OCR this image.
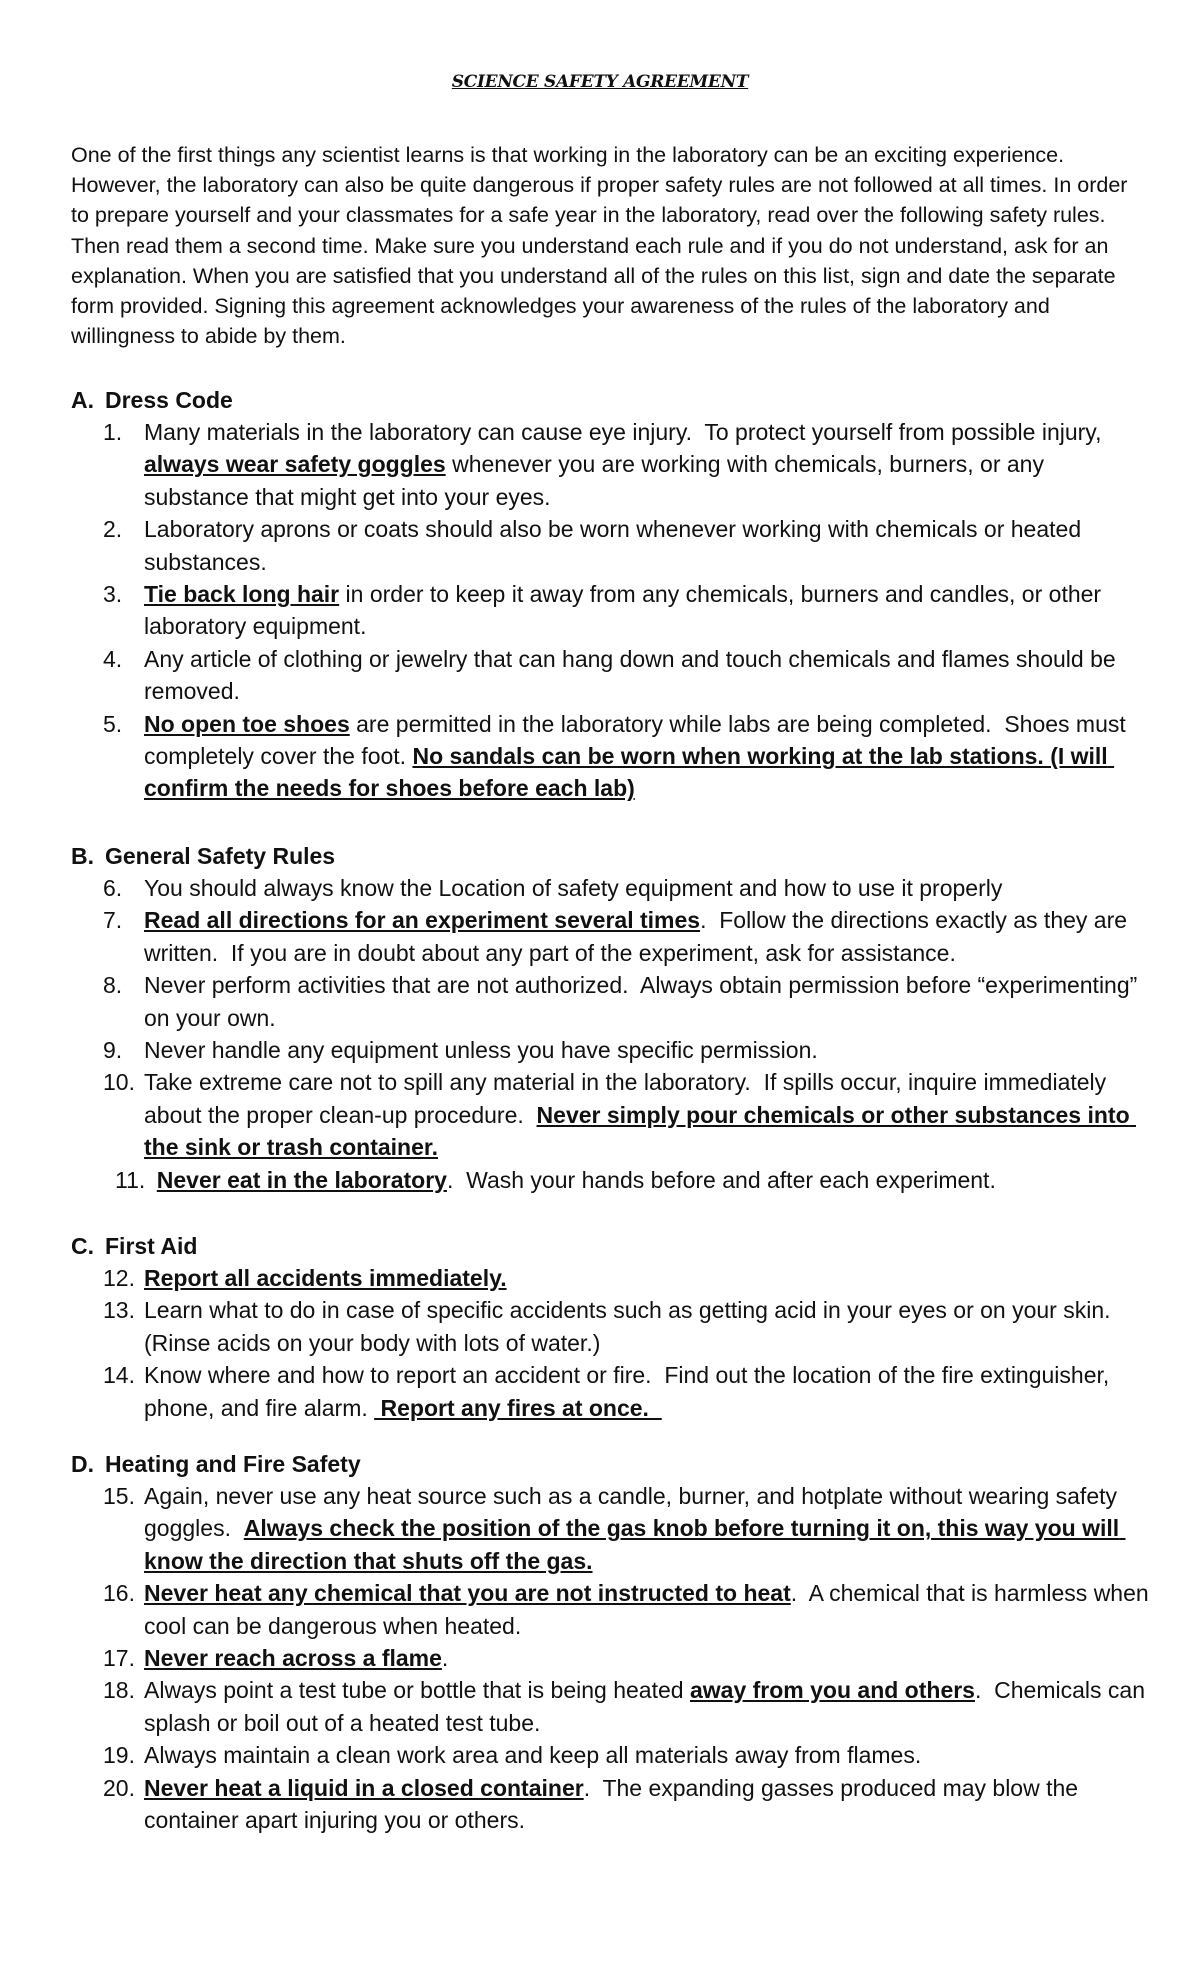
SCIENCE SAFETY AGREEMENT

One of the first things any scientist learns is that working in the laboratory can be an exciting experience. However, the laboratory can also be quite dangerous if proper safety rules are not followed at all times. In order to prepare yourself and your classmates for a safe year in the laboratory, read over the following safety rules. Then read them a second time. Make sure you understand each rule and if you do not understand, ask for an explanation. When you are satisfied that you understand all of the rules on this list, sign and date the separate form provided. Signing this agreement acknowledges your awareness of the rules of the laboratory and willingness to abide by them.

A. Dress Code
1. Many materials in the laboratory can cause eye injury.  To protect yourself from possible injury, always wear safety goggles whenever you are working with chemicals, burners, or any substance that might get into your eyes.
2. Laboratory aprons or coats should also be worn whenever working with chemicals or heated substances.
3. Tie back long hair in order to keep it away from any chemicals, burners and candles, or other laboratory equipment.
4. Any article of clothing or jewelry that can hang down and touch chemicals and flames should be removed.
5. No open toe shoes are permitted in the laboratory while labs are being completed.  Shoes must completely cover the foot. No sandals can be worn when working at the lab stations. (I will confirm the needs for shoes before each lab)
B. General Safety Rules
6. You should always know the Location of safety equipment and how to use it properly
7. Read all directions for an experiment several times.  Follow the directions exactly as they are written.  If you are in doubt about any part of the experiment, ask for assistance.
8. Never perform activities that are not authorized.  Always obtain permission before “experimenting” on your own.
9. Never handle any equipment unless you have specific permission.
10. Take extreme care not to spill any material in the laboratory.  If spills occur, inquire immediately about the proper clean-up procedure.  Never simply pour chemicals or other substances into the sink or trash container.
11. Never eat in the laboratory.  Wash your hands before and after each experiment.
C. First Aid
12. Report all accidents immediately.
13. Learn what to do in case of specific accidents such as getting acid in your eyes or on your skin.  (Rinse acids on your body with lots of water.)
14. Know where and how to report an accident or fire.  Find out the location of the fire extinguisher, phone, and fire alarm.  Report any fires at once.
D. Heating and Fire Safety
15. Again, never use any heat source such as a candle, burner, and hotplate without wearing safety goggles.  Always check the position of the gas knob before turning it on, this way you will know the direction that shuts off the gas.
16. Never heat any chemical that you are not instructed to heat.  A chemical that is harmless when cool can be dangerous when heated.
17. Never reach across a flame.
18. Always point a test tube or bottle that is being heated away from you and others.  Chemicals can splash or boil out of a heated test tube.
19. Always maintain a clean work area and keep all materials away from flames.
20. Never heat a liquid in a closed container.  The expanding gasses produced may blow the container apart injuring you or others.
